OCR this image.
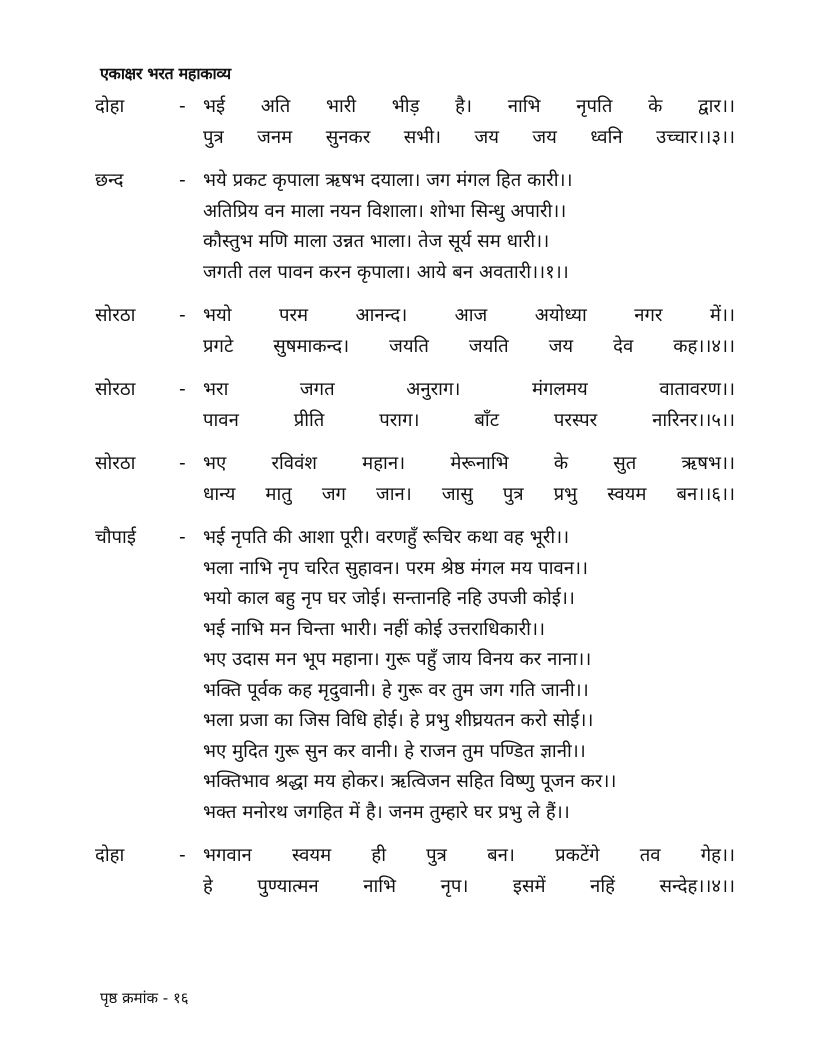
एकाक्षर भरत महाकाव्य
दोहा	- भई अति भारी भीड़ है। नाभि नृपति के द्वार।।
पुत्र जनम सुनकर सभी। जय जय ध्वनि उच्चार।।३।।
छन्द	- भये प्रकट कृपाला ऋषभ दयाला। जग मंगल हित कारी।।
अतिप्रिय वन माला नयन विशाला। शोभा सिन्धु अपारी।।
कौस्तुभ मणि माला उन्नत भाला। तेज सूर्य सम धारी।।
जगती तल पावन करन कृपाला। आये बन अवतारी।।१।।
सोरठा	- भयो परम आनन्द। आज अयोध्या नगर में।।
प्रगटे सुषमाकन्द। जयति जयति जय देव कह।।४।।
सोरठा	- भरा जगत अनुराग। मंगलमय वातावरण।।
पावन प्रीति पराग। बाँट परस्पर नारिनर।।५।।
सोरठा	- भए रविवंश महान। मेरूनाभि के सुत ऋषभ।।
धान्य मातु जग जान। जासु पुत्र प्रभु स्वयम बन।।६।।
चौपाई	- भई नृपति की आशा पूरी। वरणहुँ रूचिर कथा वह भूरी।।
भला नाभि नृप चरित सुहावन। परम श्रेष्ठ मंगल मय पावन।।
भयो काल बहु नृप घर जोई। सन्तानहि नहि उपजी कोई।।
भई नाभि मन चिन्ता भारी। नहीं कोई उत्तराधिकारी।।
भए उदास मन भूप महाना। गुरू पहुँ जाय विनय कर नाना।।
भक्ति पूर्वक कह मृदुवानी। हे गुरू वर तुम जग गति जानी।।
भला प्रजा का जिस विधि होई। हे प्रभु शीघ्रयतन करो सोई।।
भए मुदित गुरू सुन कर वानी। हे राजन तुम पण्डित ज्ञानी।।
भक्तिभाव श्रद्धा मय होकर। ऋत्विजन सहित विष्णु पूजन कर।।
भक्त मनोरथ जगहित में है। जनम तुम्हारे घर प्रभु ले हैं।।
दोहा	- भगवान स्वयम ही पुत्र बन। प्रकटेंगे तव गेह।।
हे पुण्यात्मन नाभि नृप। इसमें नहिं सन्देह।।४।।
पृष्ठ क्रमांक - १६
